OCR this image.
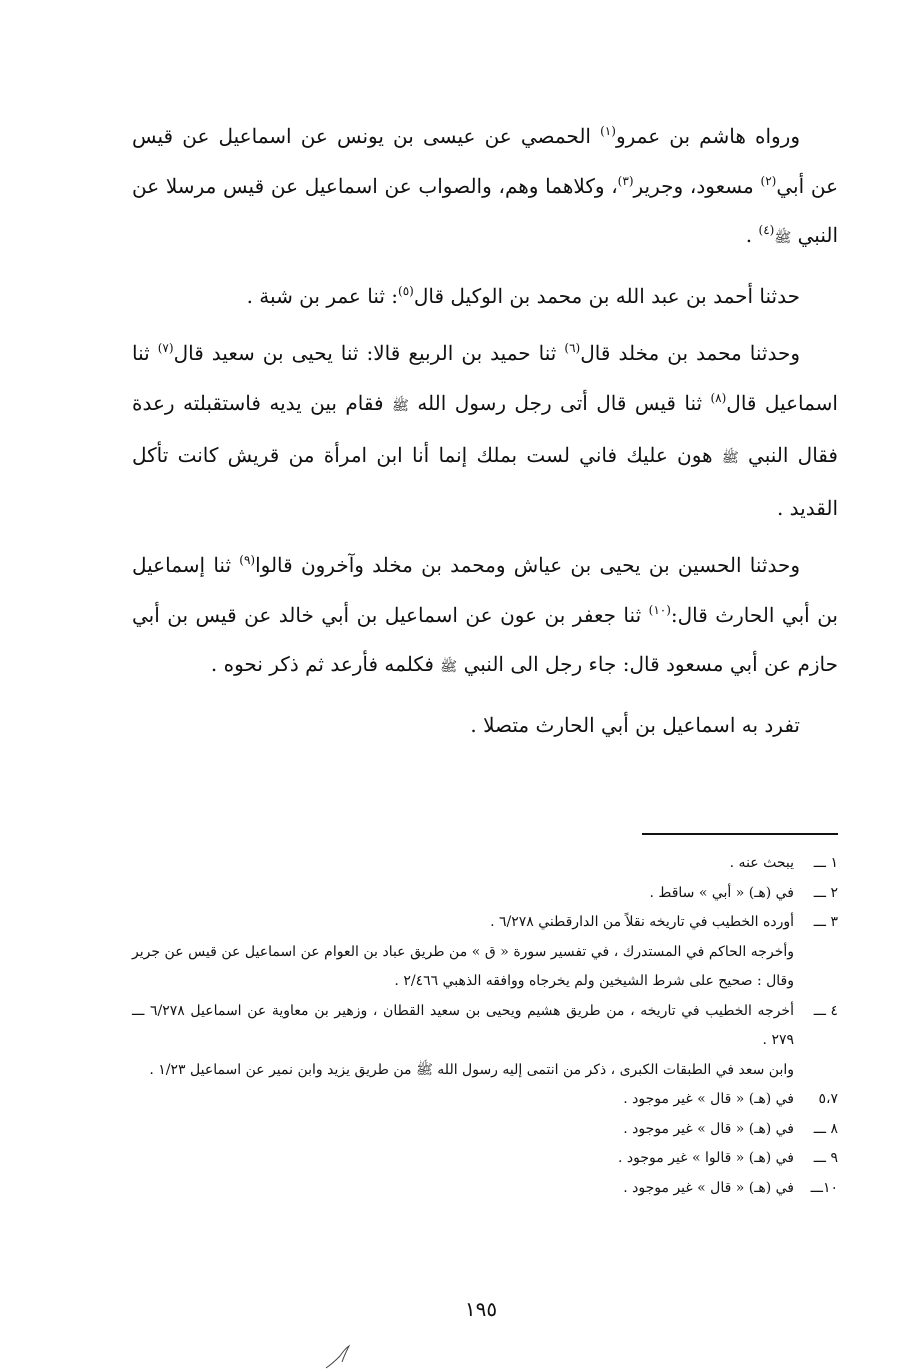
ورواه هاشم بن عمرو$^{(١)}$ الحمصي عن عيسى بن يونس عن اسماعيل عن قيس عن أبي$^{(٢)}$ مسعود، وجرير$^{(٣)}$، وكلاهما وهم، والصواب عن اسماعيل عن قيس مرسلا عن النبي ﷺ$^{(٤)}$ .

حدثنا أحمد بن عبد الله بن محمد بن الوكيل قال$^{(٥)}$: ثنا عمر بن شبة .

وحدثنا محمد بن مخلد قال$^{(٦)}$ ثنا حميد بن الربيع قالا: ثنا يحيى بن سعيد قال$^{(٧)}$ ثنا اسماعيل قال$^{(٨)}$ ثنا قيس قال أتى رجل رسول الله ﷺ فقام بين يديه فاستقبلته رعدة فقال النبي ﷺ هون عليك فاني لست بملك إنما أنا ابن امرأة من قريش كانت تأكل القديد .

وحدثنا الحسين بن يحيى بن عياش ومحمد بن مخلد وآخرون قالوا$^{(٩)}$ ثنا إسماعيل بن أبي الحارث قال:$^{(١٠)}$ ثنا جعفر بن عون عن اسماعيل بن أبي خالد عن قيس بن أبي حازم عن أبي مسعود قال: جاء رجل الى النبي ﷺ فكلمه فأرعد ثم ذكر نحوه .

تفرد به اسماعيل بن أبي الحارث متصلا .

١ ـــ
يبحث عنه .
٢ ـــ
في (هـ) « أبي » ساقط .
٣ ـــ
أورده الخطيب في تاريخه نقلاً من الدارقطني ٦/٢٧٨ .
وأخرجه الحاكم في المستدرك ، في تفسير سورة « ق » من طريق عباد بن العوام عن اسماعيل عن قيس عن جرير وقال : صحيح على شرط الشيخين ولم يخرجاه ووافقه الذهبي ٢/٤٦٦ .
٤ ـــ
أخرجه الخطيب في تاريخه ، من طريق هشيم ويحيى بن سعيد القطان ، وزهير بن معاوية عن اسماعيل ٦/٢٧٨ ـــ ٢٧٩ .
وابن سعد في الطبقات الكبرى ، ذكر من انتمى إليه رسول الله ﷺ من طريق يزيد وابن نمير عن اسماعيل ١/٢٣ .
٥،٧
في (هـ) « قال » غير موجود .
٨ ـــ
في (هـ) « قال » غير موجود .
٩ ـــ
في (هـ) « قالوا » غير موجود .
١٠ـــ
في (هـ) « قال » غير موجود .
١٩٥
